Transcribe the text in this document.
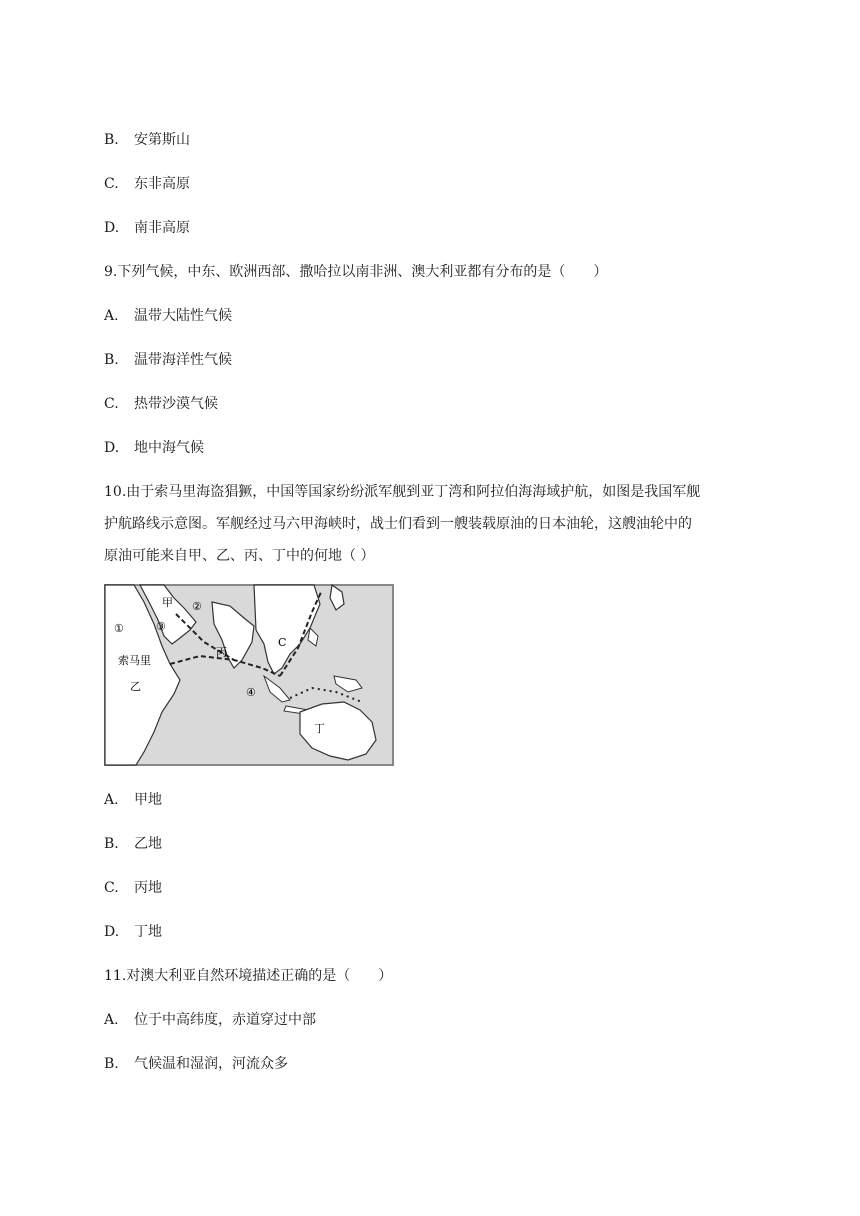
B. 安第斯山
C. 东非高原
D. 南非高原
9.下列气候，中东、欧洲西部、撒哈拉以南非洲、澳大利亚都有分布的是（　　）
A. 温带大陆性气候
B. 温带海洋性气候
C. 热带沙漠气候
D. 地中海气候
10.由于索马里海盗猖獗，中国等国家纷纷派军舰到亚丁湾和阿拉伯海海域护航，如图是我国军舰
护航路线示意图。军舰经过马六甲海峡时，战士们看到一艘装载原油的日本油轮，这艘油轮中的
原油可能来自甲、乙、丙、丁中的何地（ ）
甲
丙
索马里
乙
丁
C
①
②
③
④
A. 甲地
B. 乙地
C. 丙地
D. 丁地
11.对澳大利亚自然环境描述正确的是（　　）
A. 位于中高纬度，赤道穿过中部
B. 气候温和湿润，河流众多
